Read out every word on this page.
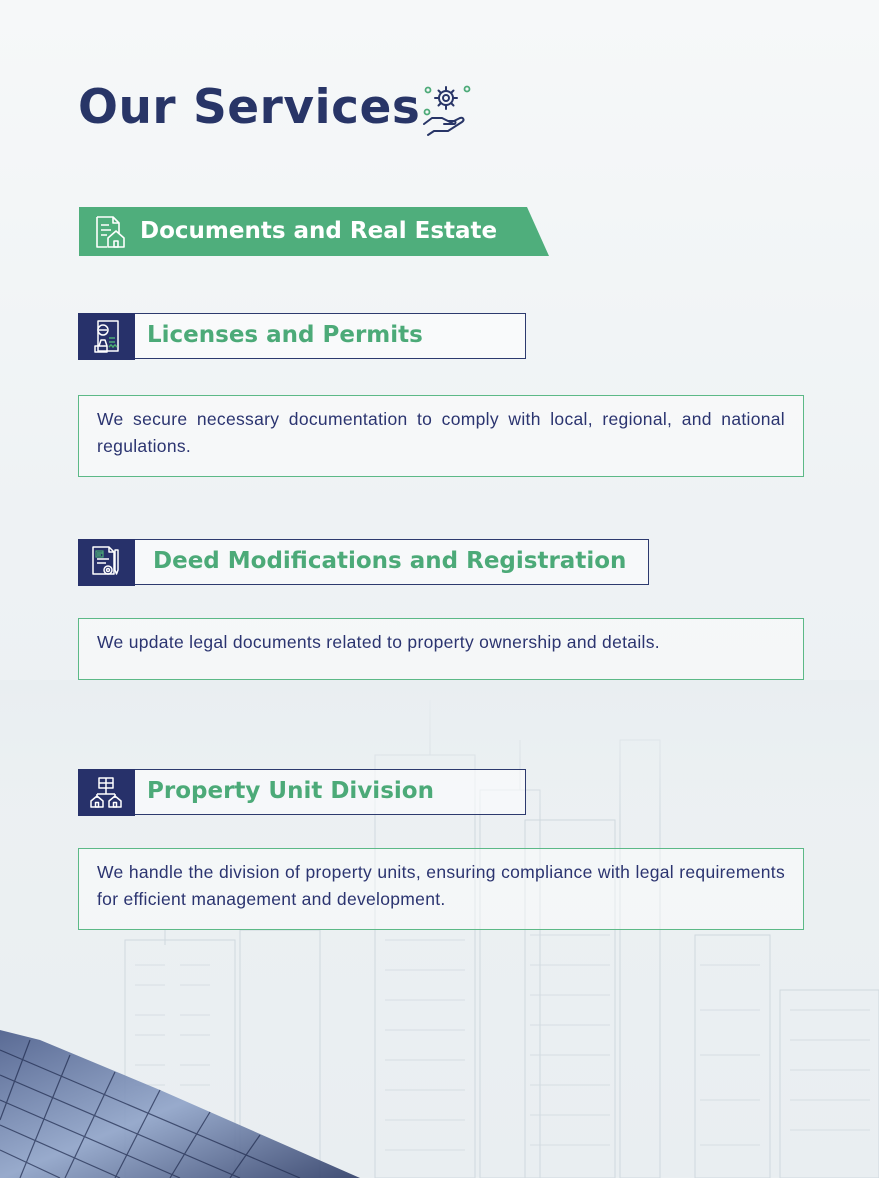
Our Services
Documents and Real Estate
Licenses and Permits
We secure necessary documentation to comply with local, regional, and national regulations.
Deed Modifications and Registration
We update legal documents related to property ownership and details.
Property Unit Division
We handle the division of property units, ensuring compliance with legal requirements for efficient management and development.
